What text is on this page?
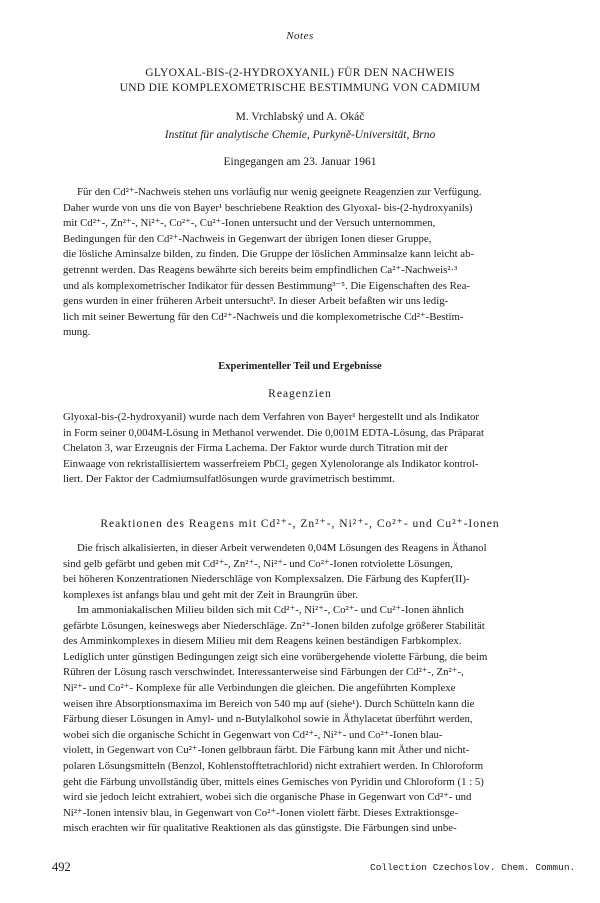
Notes
GLYOXAL-BIS-(2-HYDROXYANIL) FÜR DEN NACHWEIS
UND DIE KOMPLEXOMETRISCHE BESTIMMUNG VON CADMIUM
M. Vrchlabský und A. Okáč
Institut für analytische Chemie, Purkyně-Universität, Brno
Eingegangen am 23. Januar 1961
Für den Cd²⁺-Nachweis stehen uns vorläufig nur wenig geeignete Reagenzien zur Verfügung.
Daher wurde von uns die von Bayer¹ beschriebene Reaktion des Glyoxal- bis-(2-hydroxyanils)
mit Cd²⁺-, Zn²⁺-, Ni²⁺-, Co²⁺-, Cu²⁺-Ionen untersucht und der Versuch unternommen,
Bedingungen für den Cd²⁺-Nachweis in Gegenwart der übrigen Ionen dieser Gruppe,
die lösliche Aminsalze bilden, zu finden. Die Gruppe der löslichen Amminsalze kann leicht ab-
getrennt werden. Das Reagens bewährte sich bereits beim empfindlichen Ca²⁺-Nachweis²·³
und als komplexometrischer Indikator für dessen Bestimmung³⁻⁵. Die Eigenschaften des Rea-
gens wurden in einer früheren Arbeit untersucht³. In dieser Arbeit befaßten wir uns ledig-
lich mit seiner Bewertung für den Cd²⁺-Nachweis und die komplexometrische Cd²⁺-Bestim-
mung.
Experimenteller Teil und Ergebnisse
Reagenzien
Glyoxal-bis-(2-hydroxyanil) wurde nach dem Verfahren von Bayer¹ hergestellt und als Indikator
in Form seiner 0,004M-Lösung in Methanol verwendet. Die 0,001M EDTA-Lösung, das Präparat
Chelaton 3, war Erzeugnis der Firma Lachema. Der Faktor wurde durch Titration mit der
Einwaage von rekristallisiertem wasserfreiem PbCl₂ gegen Xylenolorange als Indikator kontrol-
liert. Der Faktor der Cadmiumsulfatlösungen wurde gravimetrisch bestimmt.
Reaktionen des Reagens mit Cd²⁺-, Zn²⁺-, Ni²⁺-, Co²⁺- und Cu²⁺-Ionen
Die frisch alkalisierten, in dieser Arbeit verwendeten 0,04M Lösungen des Reagens in Äthanol
sind gelb gefärbt und geben mit Cd²⁺-, Zn²⁺-, Ni²⁺- und Co²⁺-Ionen rotviolette Lösungen,
bei höheren Konzentrationen Niederschläge von Komplexsalzen. Die Färbung des Kupfer(II)-
komplexes ist anfangs blau und geht mit der Zeit in Braungrün über.
Im ammoniakalischen Milieu bilden sich mit Cd²⁺-, Ni²⁺-, Co²⁺- und Cu²⁺-Ionen ähnlich
gefärbte Lösungen, keineswegs aber Niederschläge. Zn²⁺-Ionen bilden zufolge größerer Stabilität
des Amminkomplexes in diesem Milieu mit dem Reagens keinen beständigen Farbkomplex.
Lediglich unter günstigen Bedingungen zeigt sich eine vorübergehende violette Färbung, die beim
Rühren der Lösung rasch verschwindet. Interessanterweise sind Färbungen der Cd²⁺-, Zn²⁺-,
Ni²⁺- und Co²⁺- Komplexe für alle Verbindungen die gleichen. Die angeführten Komplexe
weisen ihre Absorptionsmaxima im Bereich von 540 mμ auf (siehe¹). Durch Schütteln kann die
Färbung dieser Lösungen in Amyl- und n-Butylalkohol sowie in Äthylacetat überführt werden,
wobei sich die organische Schicht in Gegenwart von Cd²⁺-, Ni²⁺- und Co²⁺-Ionen blau-
violett, in Gegenwart von Cu²⁺-Ionen gelbbraun färbt. Die Färbung kann mit Äther und nicht-
polaren Lösungsmitteln (Benzol, Kohlenstofftetrachlorid) nicht extrahiert werden. In Chloroform
geht die Färbung unvollständig über, mittels eines Gemisches von Pyridin und Chloroform (1 : 5)
wird sie jedoch leicht extrahiert, wobei sich die organische Phase in Gegenwart von Cd²⁺- und
Ni²⁺-Ionen intensiv blau, in Gegenwart von Co²⁺-Ionen violett färbt. Dieses Extraktionsge-
misch erachten wir für qualitative Reaktionen als das günstigste. Die Färbungen sind unbe-
492	Collection Czechoslov. Chem. Commun.
